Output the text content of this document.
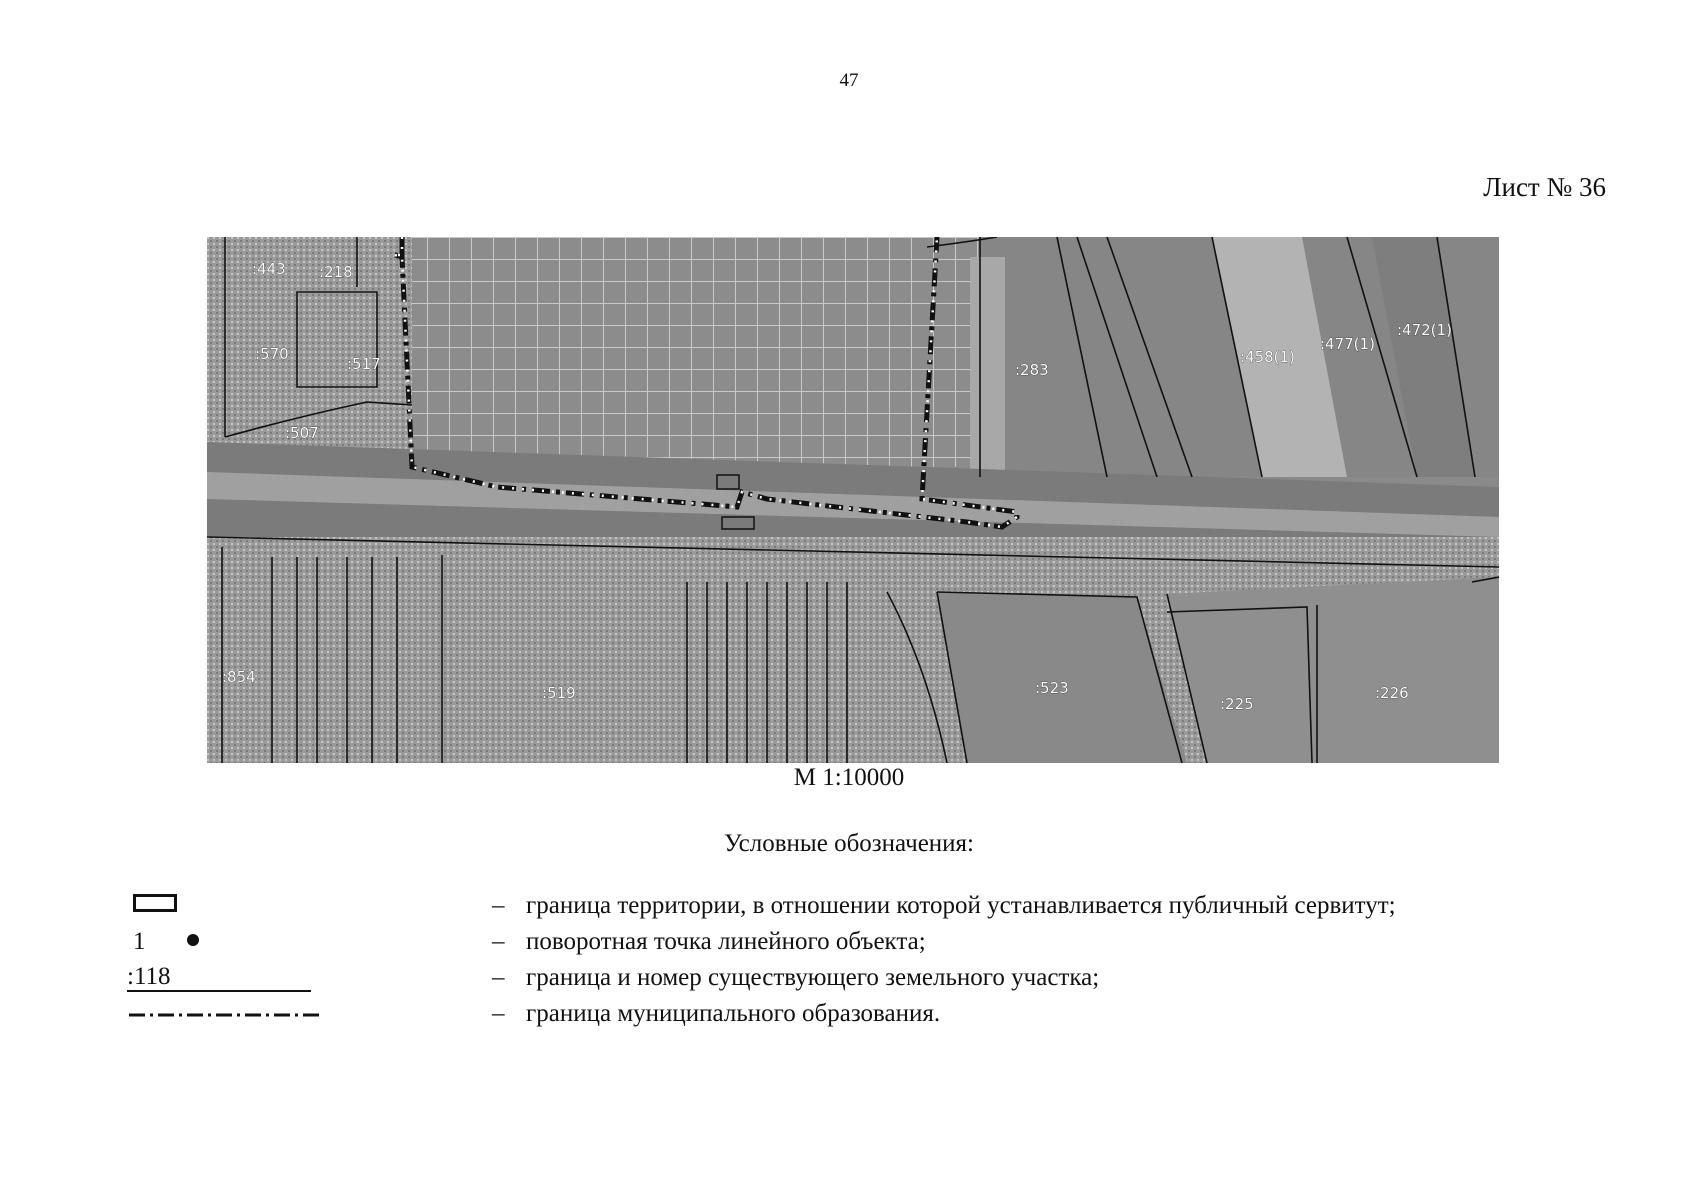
47
Лист № 36
:443 :218
:570
:517
:507
:283
:458(1)
:477(1)
:472(1)
:854
:519	:523
:225
:226
М 1:10000
Условные обозначения:
– граница территории, в отношении которой устанавливается публичный сервитут;
1	– поворотная точка линейного объекта;
:118	– граница и номер существующего земельного участка;
– граница муниципального образования.
